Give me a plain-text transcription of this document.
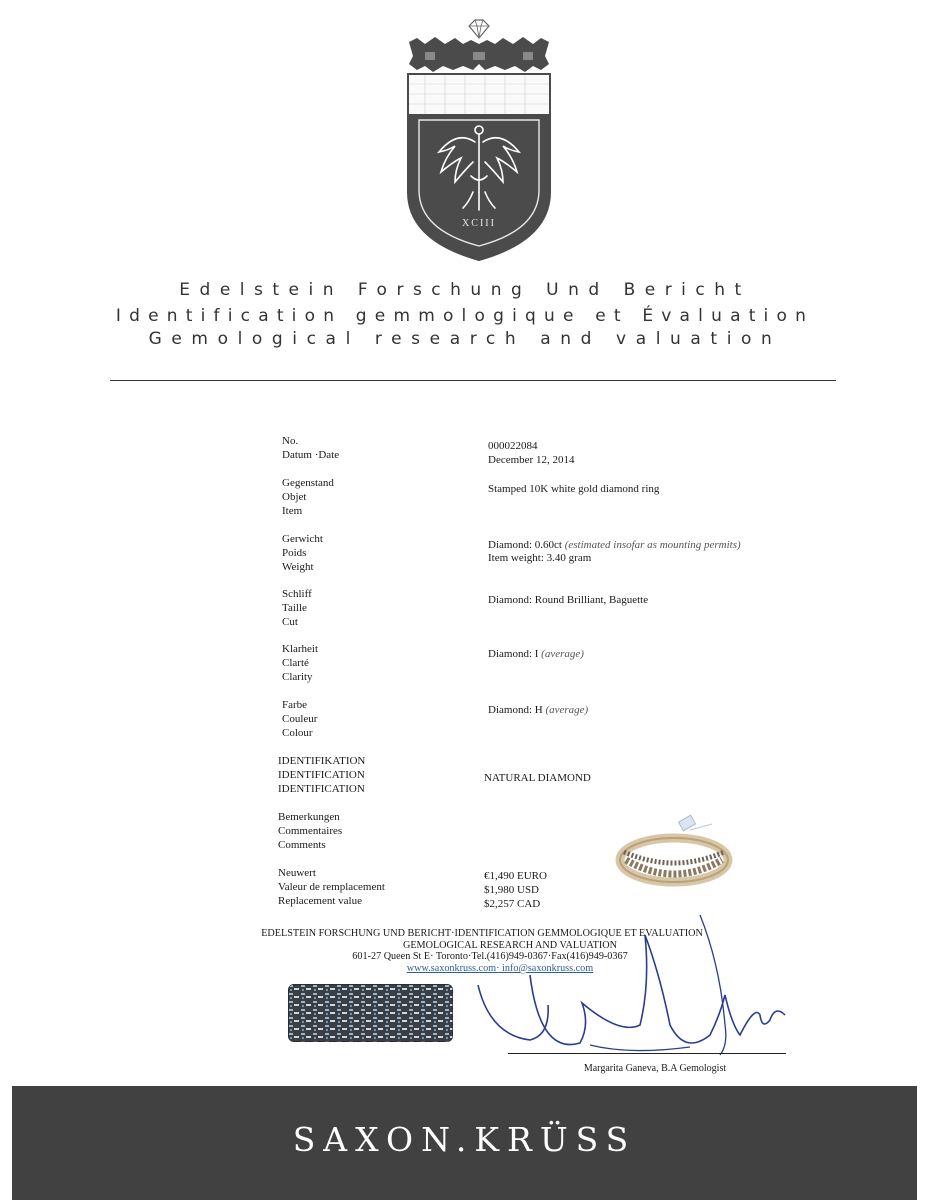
XCIII
Edelstein Forschung Und Bericht
Identification gemmologique et Évaluation
Gemological research and valuation
No.	000022084
Datum ·Date	December 12, 2014
Gegenstand
Objet
Item
Stamped 10K white gold diamond ring
Gerwicht
Poids
Weight
Diamond: 0.60ct (estimated insofar as mounting permits)
Item weight: 3.40 gram
Schliff
Taille
Cut
Diamond: Round Brilliant, Baguette
Klarheit
Clarté
Clarity
Diamond: I (average)
Farbe
Couleur
Colour
Diamond: H (average)
IDENTIFIKATION
IDENTIFICATION
IDENTIFICATION
NATURAL DIAMOND
Bemerkungen
Commentaires
Comments
Neuwert
Valeur de remplacement
Replacement value
€1,490 EURO
$1,980 USD
$2,257 CAD
EDELSTEIN FORSCHUNG UND BERICHT·IDENTIFICATION GEMMOLOGIQUE ET EVALUATION
GEMOLOGICAL RESEARCH AND VALUATION
601-27 Queen St E· Toronto·Tel.(416)949-0367·Fax(416)949-0367
www.saxonkruss.com· info@saxonkruss.com
Margarita Ganeva, B.A Gemologist
SAXON.KRÜSS
